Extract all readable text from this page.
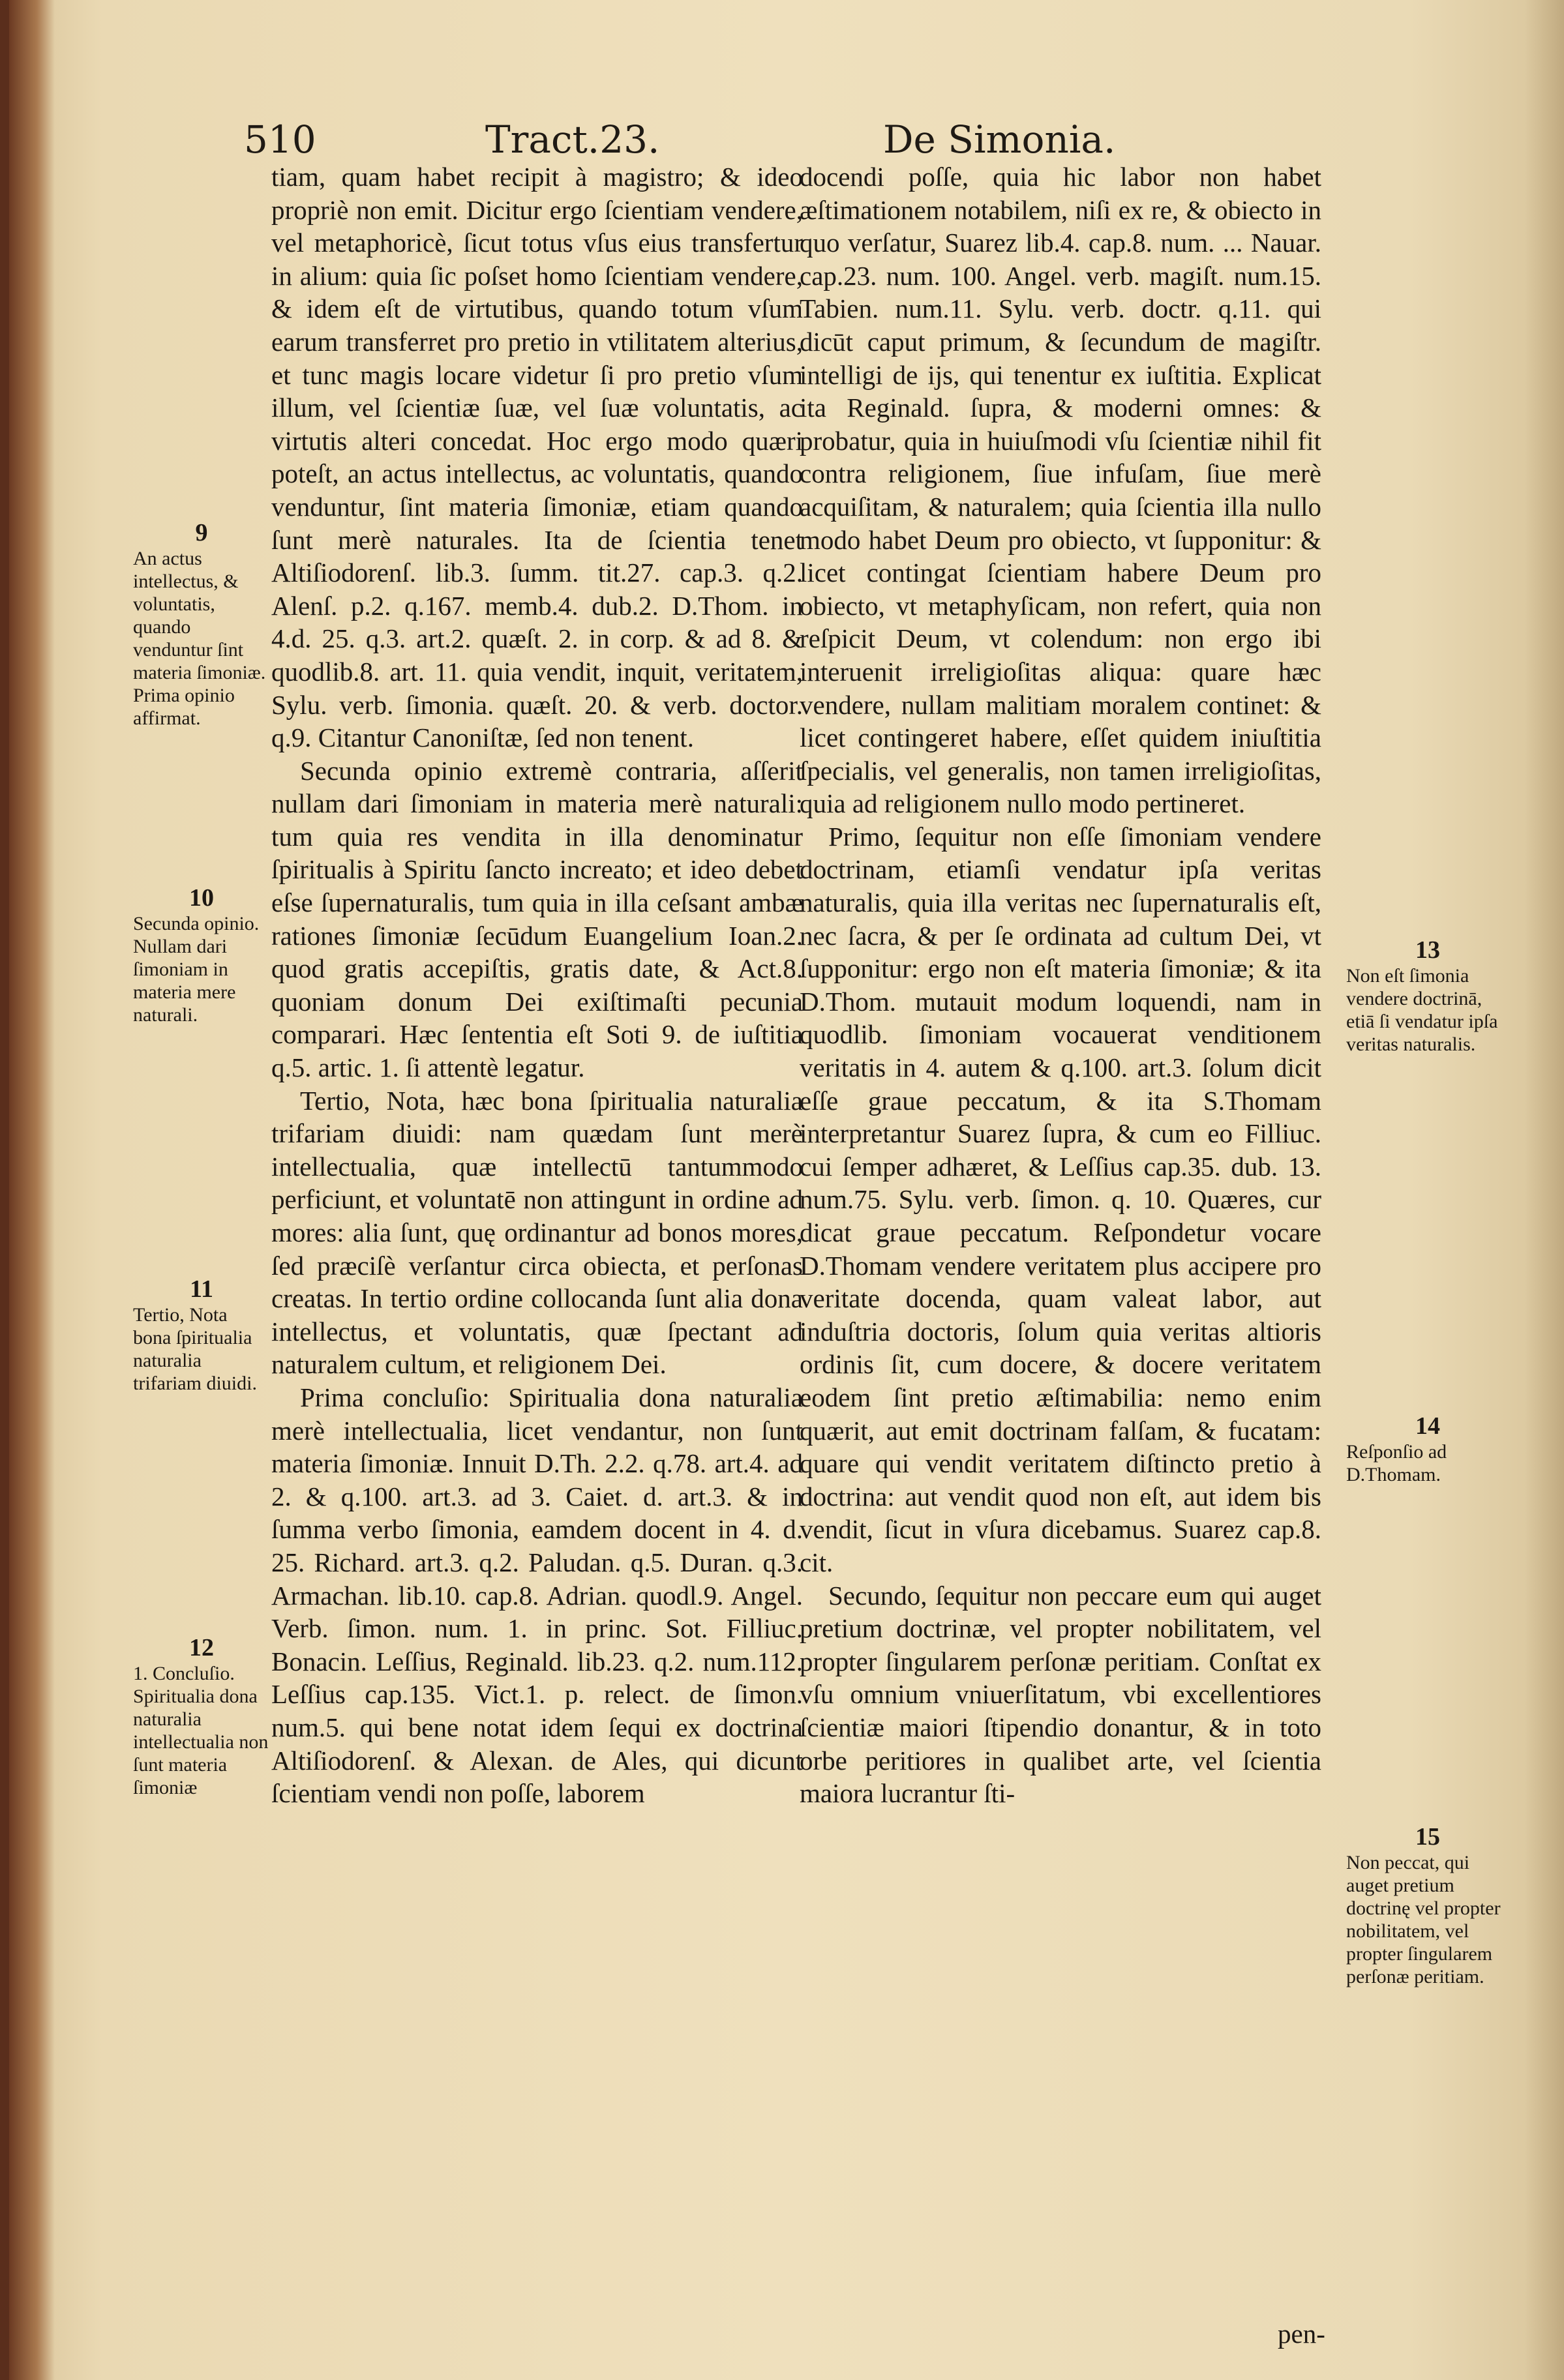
510	Tract.23.	De Simonia.

tiam, quam habet recipit à magistro; & ideo propriè non emit. Dicitur ergo ſcientiam vendere, vel metaphoricè, ſicut totus vſus eius transfertur in alium: quia ſic poſset homo ſcientiam vendere, & idem eſt de virtutibus, quando totum vſum earum transferret pro pretio in vtilitatem alterius, et tunc magis locare videtur ſi pro pretio vſum illum, vel ſcientiæ ſuæ, vel ſuæ voluntatis, ac virtutis alteri concedat. Hoc ergo modo quæri poteſt, an actus intellectus, ac voluntatis, quando venduntur, ſint materia ſimoniæ, etiam quando ſunt merè naturales. Ita de ſcientia tenet Altiſiodorenſ. lib.3. ſumm. tit.27. cap.3. q.2. Alenſ. p.2. q.167. memb.4. dub.2. D.Thom. in 4.d. 25. q.3. art.2. quæſt. 2. in corp. & ad 8. & quodlib.8. art. 11. quia vendit, inquit, veritatem, Sylu. verb. ſimonia. quæſt. 20. & verb. doctor. q.9. Citantur Canoniſtæ, ſed non tenent.

Secunda opinio extremè contraria, aſſerit nullam dari ſimoniam in materia merè naturali: tum quia res vendita in illa denominatur ſpiritualis à Spiritu ſancto increato; et ideo debet eſse ſupernaturalis, tum quia in illa ceſsant ambæ rationes ſimoniæ ſecūdum Euangelium Ioan.2. quod gratis accepiſtis, gratis date, & Act.8. quoniam donum Dei exiſtimaſti pecunia comparari. Hæc ſententia eſt Soti 9. de iuſtitia q.5. artic. 1. ſi attentè legatur.

Tertio, Nota, hæc bona ſpiritualia naturalia trifariam diuidi: nam quædam ſunt merè intellectualia, quæ intellectū tantummodo perficiunt, et voluntatē non attingunt in ordine ad mores: alia ſunt, quę ordinantur ad bonos mores, ſed præciſè verſantur circa obiecta, et perſonas creatas. In tertio ordine collocanda ſunt alia dona intellectus, et voluntatis, quæ ſpectant ad naturalem cultum, et religionem Dei.

Prima concluſio: Spiritualia dona naturalia merè intellectualia, licet vendantur, non ſunt materia ſimoniæ. Innuit D.Th. 2.2. q.78. art.4. ad 2. & q.100. art.3. ad 3. Caiet. d. art.3. & in ſumma verbo ſimonia, eamdem docent in 4. d. 25. Richard. art.3. q.2. Paludan. q.5. Duran. q.3. Armachan. lib.10. cap.8. Adrian. quodl.9. Angel. Verb. ſimon. num. 1. in princ. Sot. Filliuc. Bonacin. Leſſius, Reginald. lib.23. q.2. num.112. Leſſius cap.135. Vict.1. p. relect. de ſimon. num.5. qui bene notat idem ſequi ex doctrina Altiſiodorenſ. & Alexan. de Ales, qui dicunt ſcientiam vendi non poſſe, laborem

docendi poſſe, quia hic labor non habet æſtimationem notabilem, niſi ex re, & obiecto in quo verſatur, Suarez lib.4. cap.8. num. ... Nauar. cap.23. num. 100. Angel. verb. magiſt. num.15. Tabien. num.11. Sylu. verb. doctr. q.11. qui dicūt caput primum, & ſecundum de magiſtr. intelligi de ijs, qui tenentur ex iuſtitia. Explicat ita Reginald. ſupra, & moderni omnes: & probatur, quia in huiuſmodi vſu ſcientiæ nihil fit contra religionem, ſiue infuſam, ſiue merè acquiſitam, & naturalem; quia ſcientia illa nullo modo habet Deum pro obiecto, vt ſupponitur: & licet contingat ſcientiam habere Deum pro obiecto, vt metaphyſicam, non refert, quia non reſpicit Deum, vt colendum: non ergo ibi interuenit irreligioſitas aliqua: quare hæc vendere, nullam malitiam moralem continet: & licet contingeret habere, eſſet quidem iniuſtitia ſpecialis, vel generalis, non tamen irreligioſitas, quia ad religionem nullo modo pertineret.

Primo, ſequitur non eſſe ſimoniam vendere doctrinam, etiamſi vendatur ipſa veritas naturalis, quia illa veritas nec ſupernaturalis eſt, nec ſacra, & per ſe ordinata ad cultum Dei, vt ſupponitur: ergo non eſt materia ſimoniæ; & ita D.Thom. mutauit modum loquendi, nam in quodlib. ſimoniam vocauerat venditionem veritatis in 4. autem & q.100. art.3. ſolum dicit eſſe graue peccatum, & ita S.Thomam interpretantur Suarez ſupra, & cum eo Filliuc. cui ſemper adhæret, & Leſſius cap.35. dub. 13. num.75. Sylu. verb. ſimon. q. 10. Quæres, cur dicat graue peccatum. Reſpondetur vocare D.Thomam vendere veritatem plus accipere pro veritate docenda, quam valeat labor, aut induſtria doctoris, ſolum quia veritas altioris ordinis ſit, cum docere, & docere veritatem eodem ſint pretio æſtimabilia: nemo enim quærit, aut emit doctrinam falſam, & fucatam: quare qui vendit veritatem diſtincto pretio à doctrina: aut vendit quod non eſt, aut idem bis vendit, ſicut in vſura dicebamus. Suarez cap.8. cit.

Secundo, ſequitur non peccare eum qui auget pretium doctrinæ, vel propter nobilitatem, vel propter ſingularem perſonæ peritiam. Conſtat ex vſu omnium vniuerſitatum, vbi excellentiores ſcientiæ maiori ſtipendio donantur, & in toto orbe peritiores in qualibet arte, vel ſcientia maiora lucrantur ſti-

pen-
9
An actus intellectus, & voluntatis, quando venduntur ſint materia ſimoniæ. Prima opinio affirmat.
10
Secunda opinio. Nullam dari ſimoniam in materia mere naturali.
11
Tertio, Nota bona ſpiritualia naturalia trifariam diuidi.
12
1. Concluſio. Spiritualia dona naturalia intellectualia non ſunt materia ſimoniæ
13
Non eſt ſimonia vendere doctrinā, etiā ſi vendatur ipſa veritas naturalis.
14
Reſponſio ad D.Thomam.
15
Non peccat, qui auget pretium doctrinę vel propter nobilitatem, vel propter ſingularem perſonæ peritiam.
